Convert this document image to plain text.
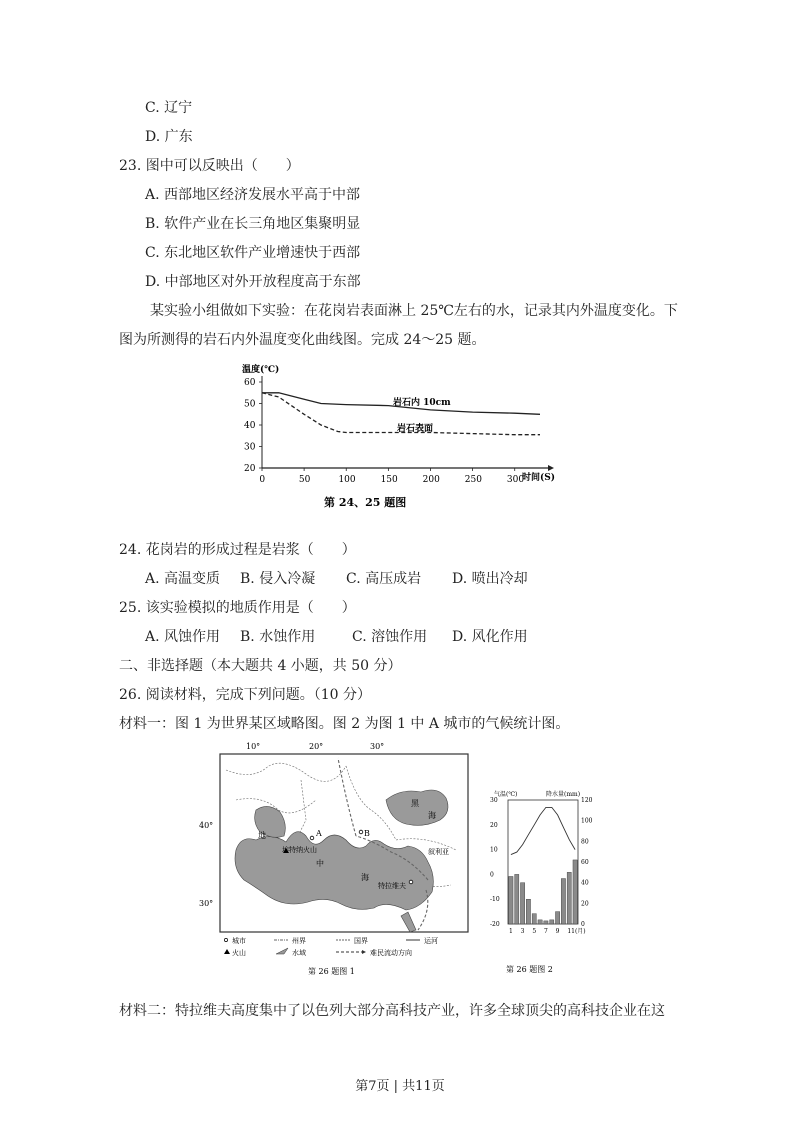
C. 辽宁
D. 广东
23. 图中可以反映出（　　）
A. 西部地区经济发展水平高于中部
B. 软件产业在长三角地区集聚明显
C. 东北地区软件产业增速快于西部
D. 中部地区对外开放程度高于东部
某实验小组做如下实验：在花岗岩表面淋上 25℃左右的水，记录其内外温度变化。下
图为所测得的岩石内外温度变化曲线图。完成 24～25 题。
温度(℃)
20
30
40
50
60
0	50	100	150	200	250	300
岩石内 10cm
岩石表面
时间(S)
第 24、25 题图
24. 花岗岩的形成过程是岩浆（　　）
A. 高温变质 B. 侵入冷凝 C. 高压成岩 D. 喷出冷却
25. 该实验模拟的地质作用是（　　）
A. 风蚀作用 B. 水蚀作用	C. 溶蚀作用 D. 风化作用
二、非选择题（本大题共 4 小题，共 50 分）
26. 阅读材料，完成下列问题。（10 分）
材料一：图 1 为世界某区域略图。图 2 为图 1 中 A 城市的气候统计图。
10°	20°	30°
40°
30°
地
中
海
黑
海
A	B
埃特纳火山	叙利亚
特拉维夫
城市	州界	国界	运河
火山	水域	难民流动方向
第 26 题图 1
气温(℃)	降水量(mm)
30
20
10
0
-10
-20
120
100
80
60
40
20
0
1 3 5 7 9 11(月)
第 26 题图 2
材料二：特拉维夫高度集中了以色列大部分高科技产业，许多全球顶尖的高科技企业在这
第7页 | 共11页
